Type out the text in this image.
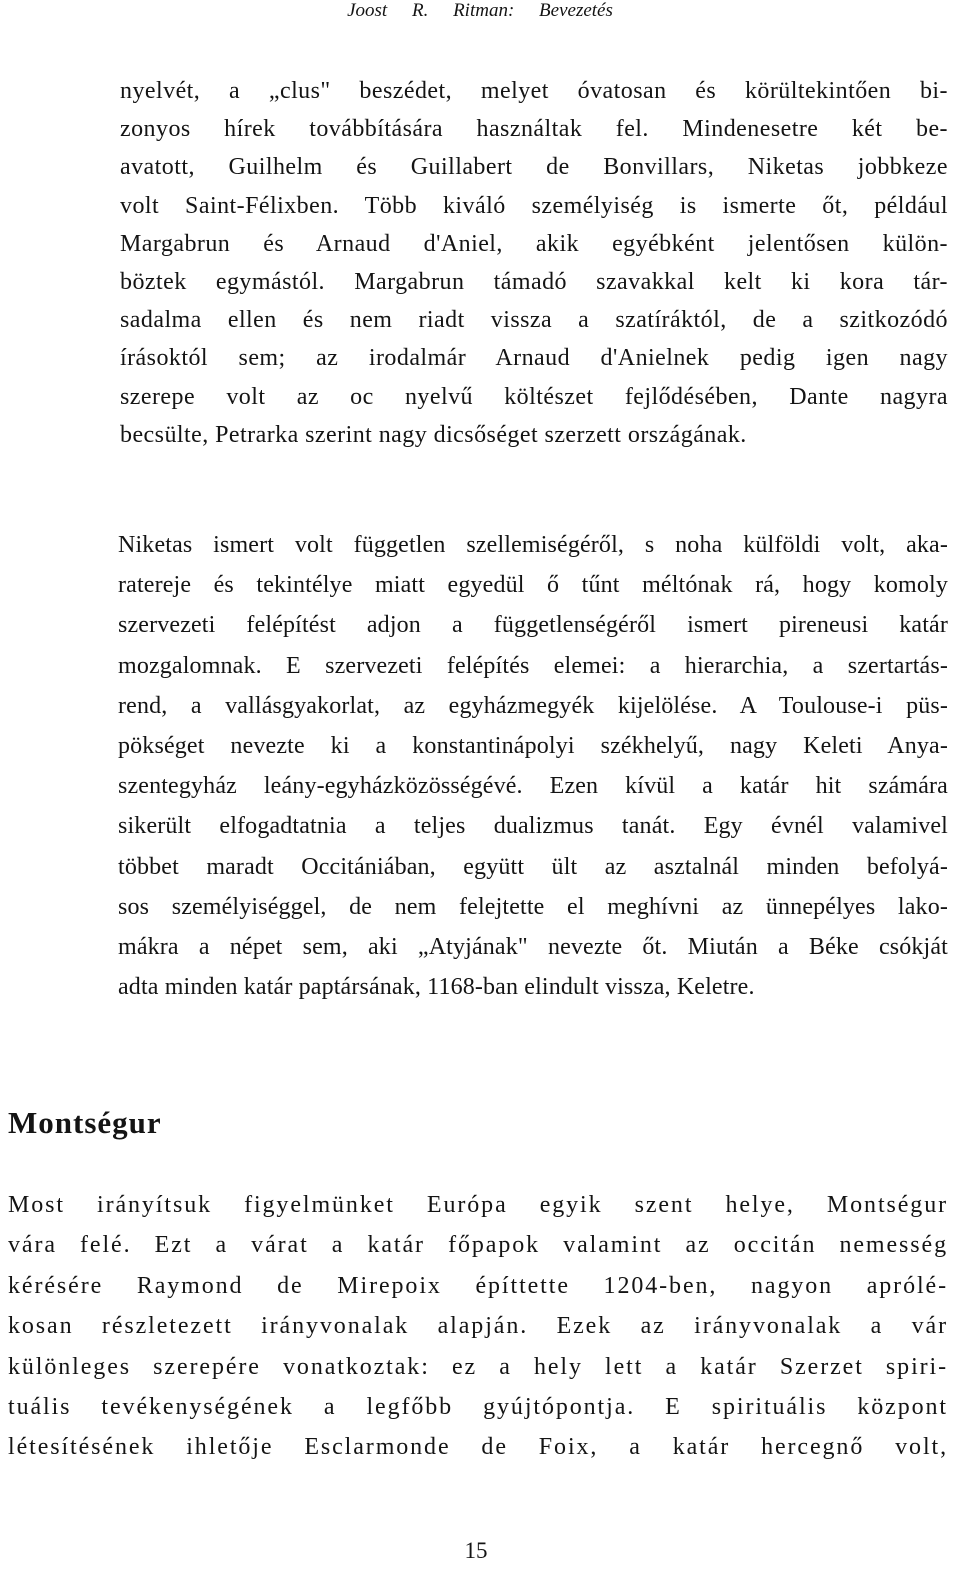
Joost R. Ritman: Bevezetés

nyelvét, a „clus" beszédet, melyet óvatosan és körültekintően bi-
zonyos hírek továbbítására használtak fel. Mindenesetre két be-
avatott, Guilhelm és Guillabert de Bonvillars, Niketas jobbkeze
volt Saint-Félixben. Több kiváló személyiség is ismerte őt, például
Margabrun és Arnaud d'Aniel, akik egyébként jelentősen külön-
böztek egymástól. Margabrun támadó szavakkal kelt ki kora tár-
sadalma ellen és nem riadt vissza a szatíráktól, de a szitkozódó
írásoktól sem; az irodalmár Arnaud d'Anielnek pedig igen nagy
szerepe volt az oc nyelvű költészet fejlődésében, Dante nagyra
becsülte, Petrarka szerint nagy dicsőséget szerzett országának.

Niketas ismert volt független szellemiségéről, s noha külföldi volt, aka-
ratereje és tekintélye miatt egyedül ő tűnt méltónak rá, hogy komoly
szervezeti felépítést adjon a függetlenségéről ismert pireneusi katár
mozgalomnak. E szervezeti felépítés elemei: a hierarchia, a szertartás-
rend, a vallásgyakorlat, az egyházmegyék kijelölése. A Toulouse-i püs-
pökséget nevezte ki a konstantinápolyi székhelyű, nagy Keleti Anya-
szentegyház leány-egyházközösségévé. Ezen kívül a katár hit számára
sikerült elfogadtatnia a teljes dualizmus tanát. Egy évnél valamivel
többet maradt Occitániában, együtt ült az asztalnál minden befolyá-
sos személyiséggel, de nem felejtette el meghívni az ünnepélyes lako-
mákra a népet sem, aki „Atyjának" nevezte őt. Miután a Béke csókját
adta minden katár paptársának, 1168-ban elindult vissza, Keletre.

Montségur

Most irányítsuk figyelmünket Európa egyik szent helye, Montségur
vára felé. Ezt a várat a katár főpapok valamint az occitán nemesség
kérésére Raymond de Mirepoix építtette 1204-ben, nagyon aprólé-
kosan részletezett irányvonalak alapján. Ezek az irányvonalak a vár
különleges szerepére vonatkoztak: ez a hely lett a katár Szerzet spiri-
tuális tevékenységének a legfőbb gyújtópontja. E spirituális központ
létesítésének ihletője Esclarmonde de Foix, a katár hercegnő volt,

15
